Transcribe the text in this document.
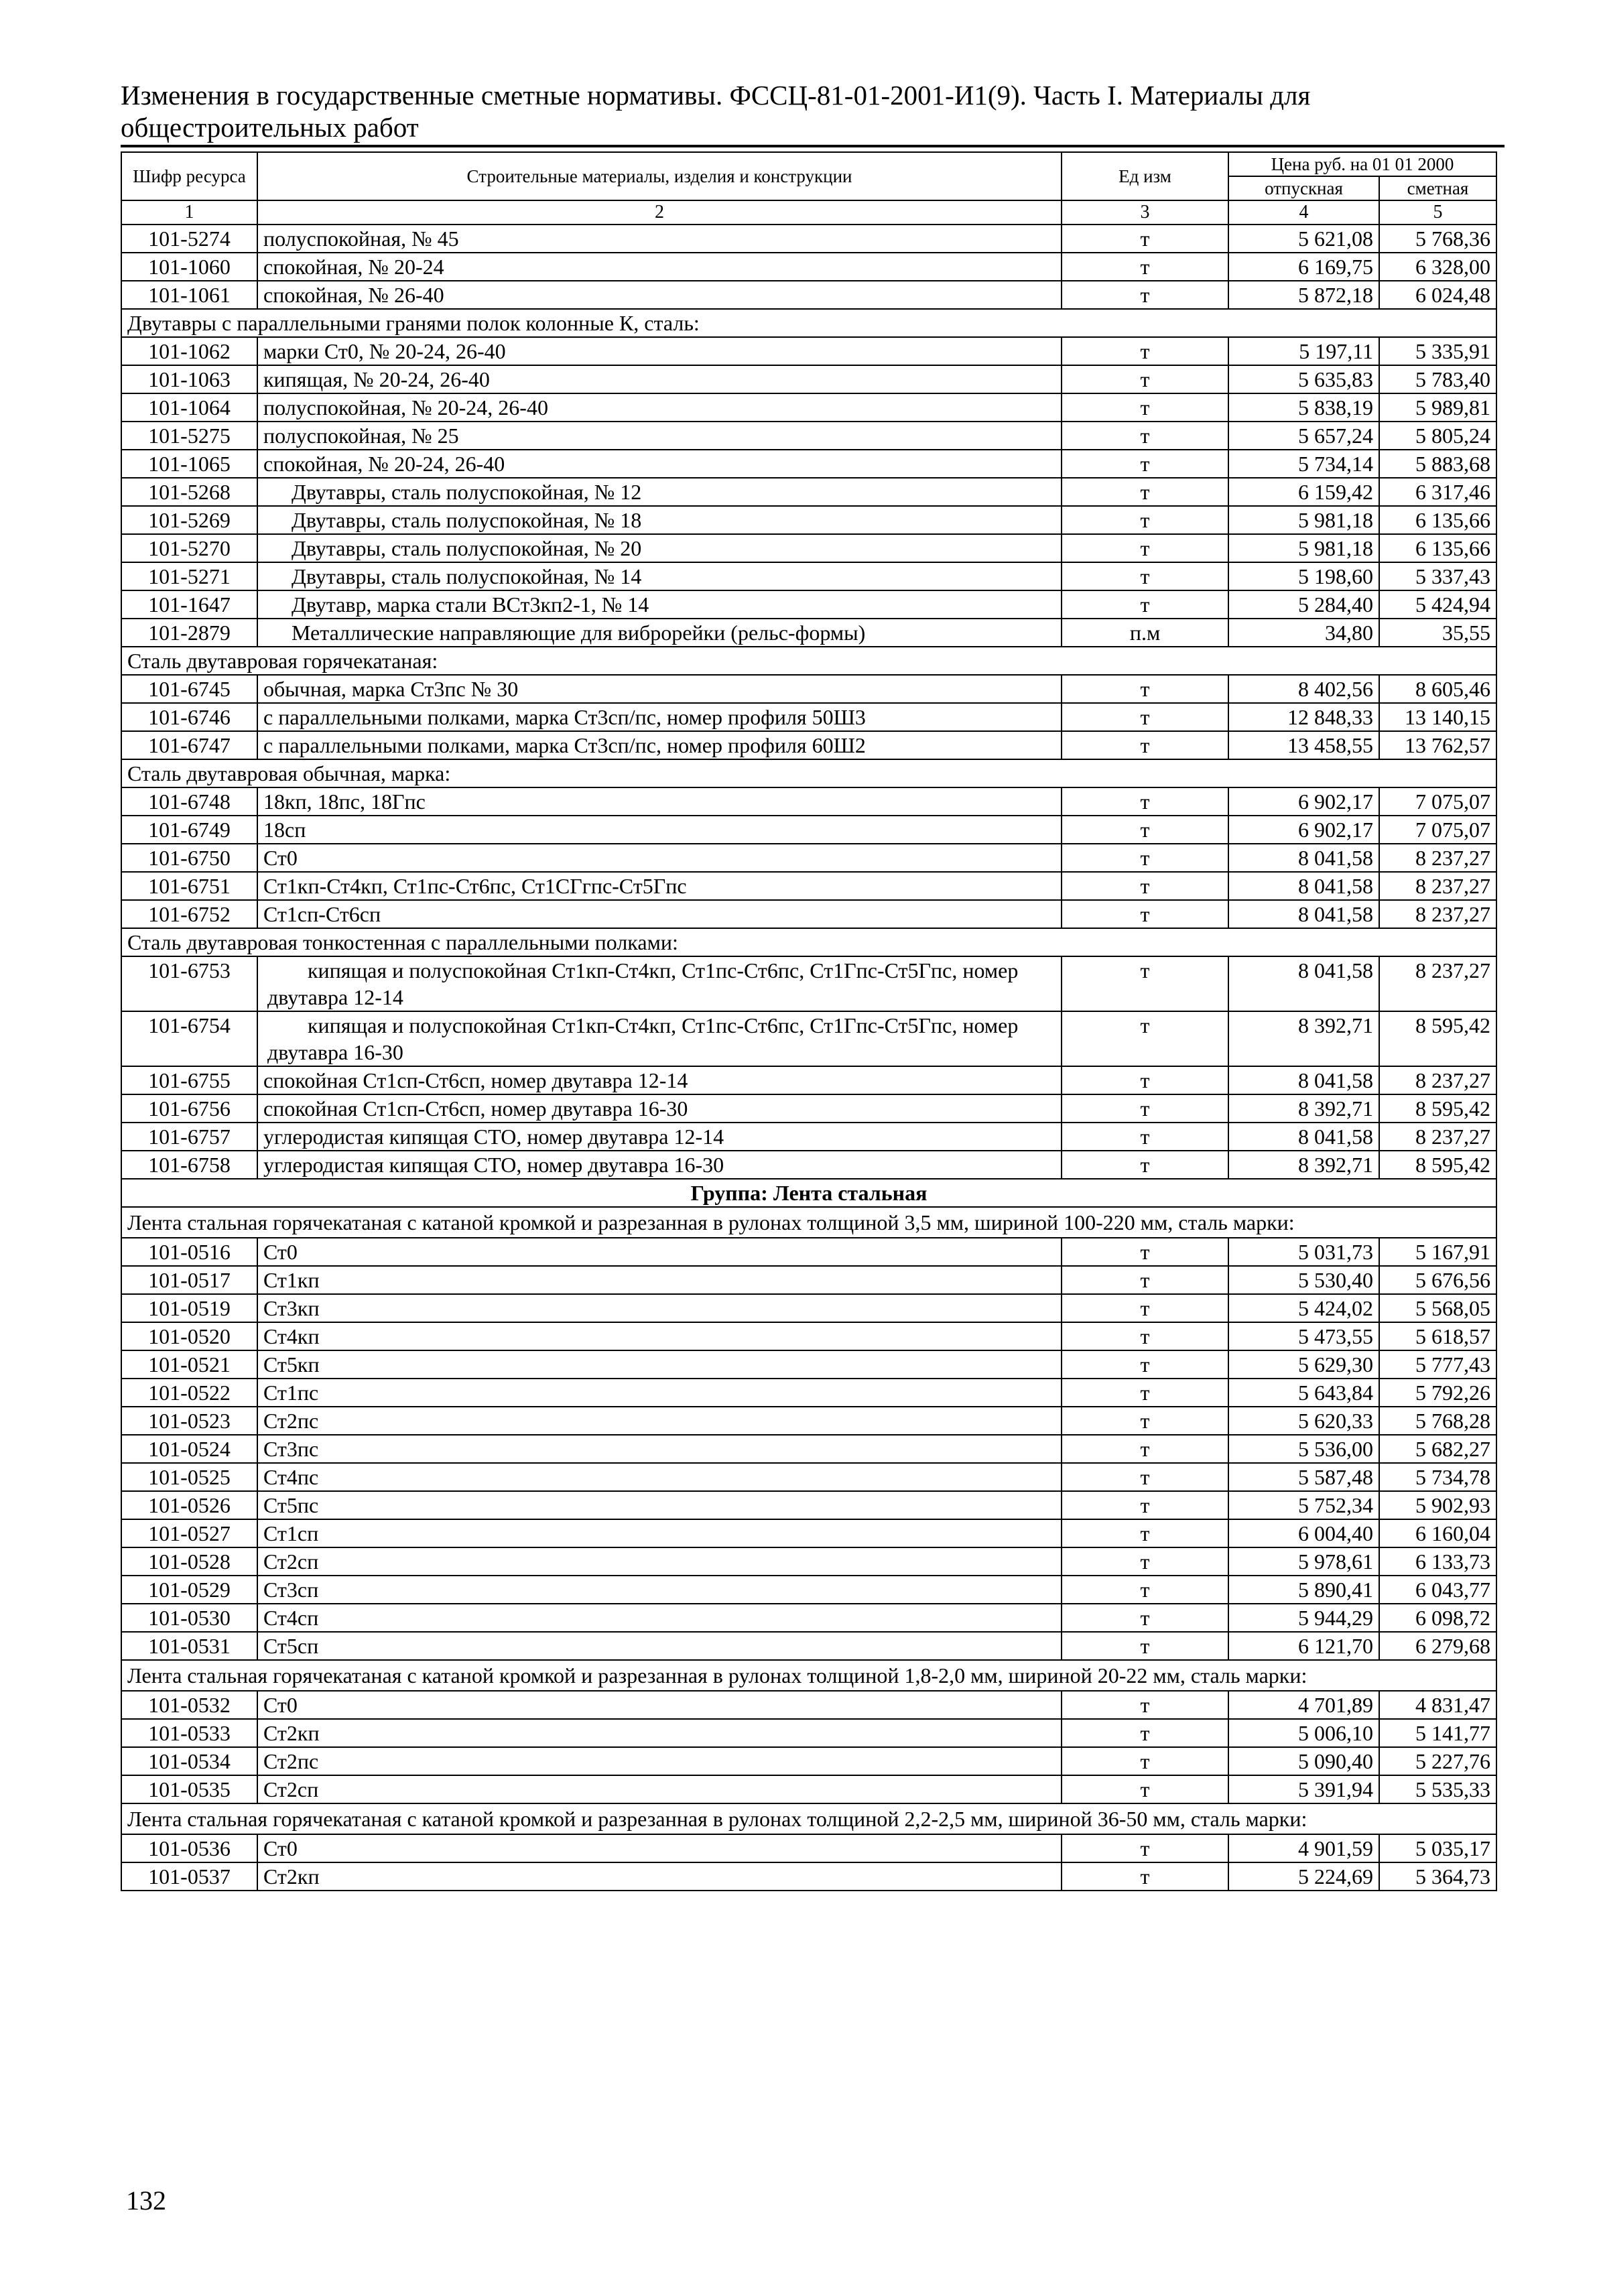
Изменения в государственные сметные нормативы. ФССЦ-81-01-2001-И1(9). Часть I. Материалы для общестроительных работ
Шифр ресурса	Строительные материалы, изделия и конструкции	Ед изм	Цена руб. на 01 01 2000	
			отпускная	сметная
1	2	3	4	5
101-5274	полуспокойная, № 45	т	5 621,08	5 768,36
101-1060	спокойная, № 20-24	т	6 169,75	6 328,00
101-1061	спокойная, № 26-40	т	5 872,18	6 024,48
Двутавры с параллельными гранями полок колонные К, сталь:				
101-1062	марки Ст0, № 20-24, 26-40	т	5 197,11	5 335,91
101-1063	кипящая, № 20-24, 26-40	т	5 635,83	5 783,40
101-1064	полуспокойная, № 20-24, 26-40	т	5 838,19	5 989,81
101-5275	полуспокойная, № 25	т	5 657,24	5 805,24
101-1065	спокойная, № 20-24, 26-40	т	5 734,14	5 883,68
101-5268	Двутавры, сталь полуспокойная, № 12	т	6 159,42	6 317,46
101-5269	Двутавры, сталь полуспокойная, № 18	т	5 981,18	6 135,66
101-5270	Двутавры, сталь полуспокойная, № 20	т	5 981,18	6 135,66
101-5271	Двутавры, сталь полуспокойная, № 14	т	5 198,60	5 337,43
101-1647	Двутавр, марка стали ВСт3кп2-1, № 14	т	5 284,40	5 424,94
101-2879	Металлические направляющие для виброрейки (рельс-формы)	п.м	34,80	35,55
Сталь двутавровая горячекатаная:				
101-6745	обычная, марка Ст3пс № 30	т	8 402,56	8 605,46
101-6746	с параллельными полками, марка Ст3сп/пс, номер профиля 50Ш3	т	12 848,33	13 140,15
101-6747	с параллельными полками, марка Ст3сп/пс, номер профиля 60Ш2	т	13 458,55	13 762,57
Сталь двутавровая обычная, марка:				
101-6748	18кп, 18пс, 18Гпс	т	6 902,17	7 075,07
101-6749	18сп	т	6 902,17	7 075,07
101-6750	Ст0	т	8 041,58	8 237,27
101-6751	Ст1кп-Ст4кп, Ст1пс-Ст6пс, Ст1СГгпс-Ст5Гпс	т	8 041,58	8 237,27
101-6752	Ст1сп-Ст6сп	т	8 041,58	8 237,27
Сталь двутавровая тонкостенная с параллельными полками:				
101-6753	кипящая и полуспокойная Ст1кп-Ст4кп, Ст1пс-Ст6пс, Ст1Гпс-Ст5Гпс, номер двутавра 12-14	т	8 041,58	8 237,27
101-6754	кипящая и полуспокойная Ст1кп-Ст4кп, Ст1пс-Ст6пс, Ст1Гпс-Ст5Гпс, номер двутавра 16-30	т	8 392,71	8 595,42
101-6755	спокойная Ст1сп-Ст6сп, номер двутавра 12-14	т	8 041,58	8 237,27
101-6756	спокойная Ст1сп-Ст6сп, номер двутавра 16-30	т	8 392,71	8 595,42
101-6757	углеродистая кипящая СТО, номер двутавра 12-14	т	8 041,58	8 237,27
101-6758	углеродистая кипящая СТО, номер двутавра 16-30	т	8 392,71	8 595,42
Группа: Лента стальная				
Лента стальная горячекатаная с катаной кромкой и разрезанная в рулонах толщиной 3,5 мм, шириной 100-220 мм, сталь марки:				
101-0516	Ст0	т	5 031,73	5 167,91
101-0517	Ст1кп	т	5 530,40	5 676,56
101-0519	Ст3кп	т	5 424,02	5 568,05
101-0520	Ст4кп	т	5 473,55	5 618,57
101-0521	Ст5кп	т	5 629,30	5 777,43
101-0522	Ст1пс	т	5 643,84	5 792,26
101-0523	Ст2пс	т	5 620,33	5 768,28
101-0524	Ст3пс	т	5 536,00	5 682,27
101-0525	Ст4пс	т	5 587,48	5 734,78
101-0526	Ст5пс	т	5 752,34	5 902,93
101-0527	Ст1сп	т	6 004,40	6 160,04
101-0528	Ст2сп	т	5 978,61	6 133,73
101-0529	Ст3сп	т	5 890,41	6 043,77
101-0530	Ст4сп	т	5 944,29	6 098,72
101-0531	Ст5сп	т	6 121,70	6 279,68
Лента стальная горячекатаная с катаной кромкой и разрезанная в рулонах толщиной 1,8-2,0 мм, шириной 20-22 мм, сталь марки:				
101-0532	Ст0	т	4 701,89	4 831,47
101-0533	Ст2кп	т	5 006,10	5 141,77
101-0534	Ст2пс	т	5 090,40	5 227,76
101-0535	Ст2сп	т	5 391,94	5 535,33
Лента стальная горячекатаная с катаной кромкой и разрезанная в рулонах толщиной 2,2-2,5 мм, шириной 36-50 мм, сталь марки:				
101-0536	Ст0	т	4 901,59	5 035,17
101-0537	Ст2кп	т	5 224,69	5 364,73
132
